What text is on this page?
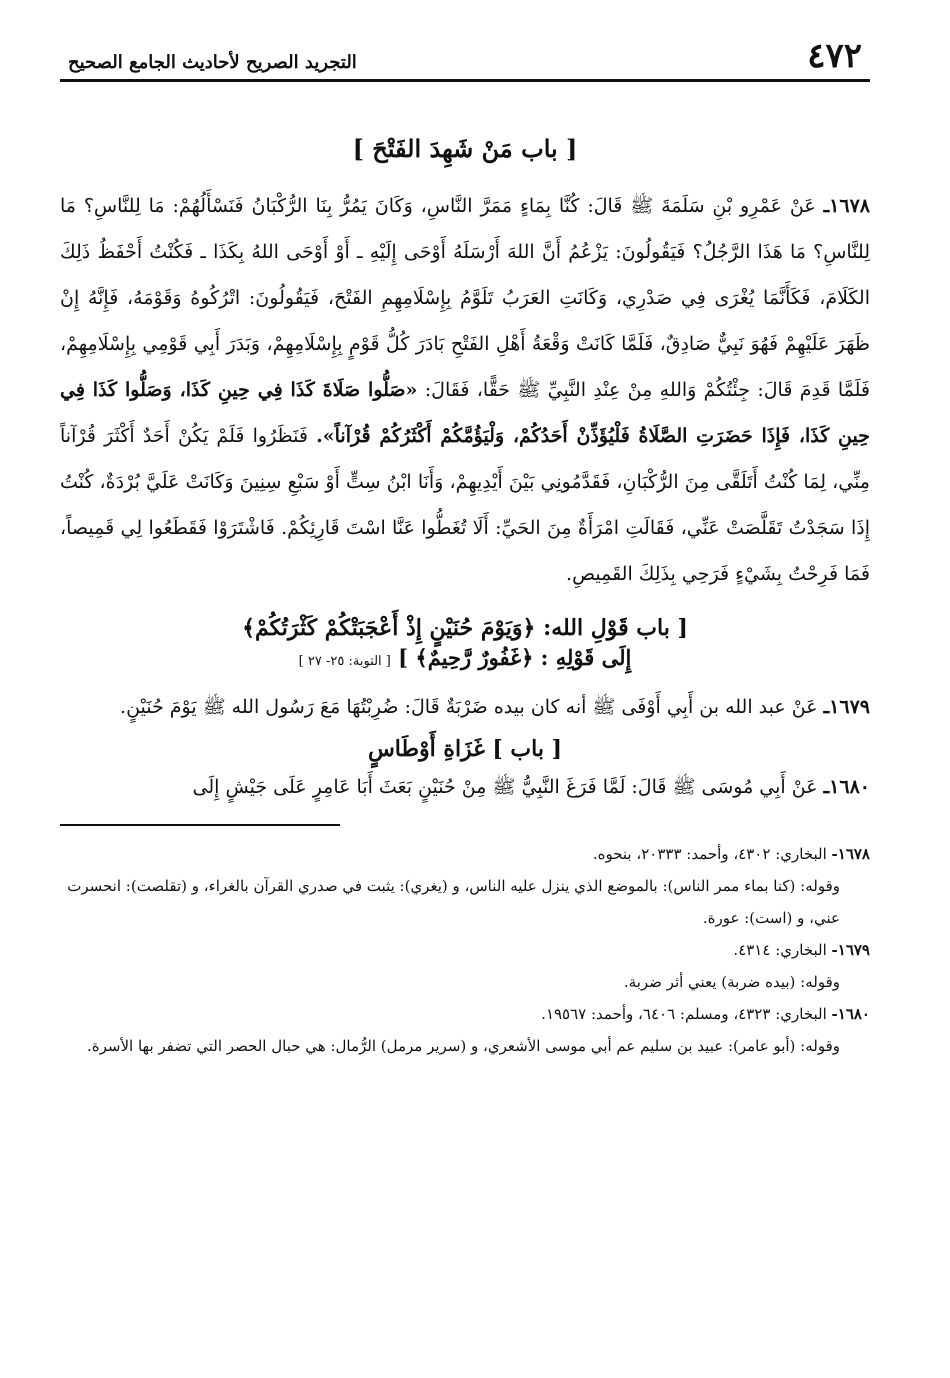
٤٧٢
التجريد الصريح لأحاديث الجامع الصحيح
[ باب مَنْ شَهِدَ الفَتْحَ ]

١٦٧٨ـ عَنْ عَمْرِو بْنِ سَلَمَةَ ﷺ قَالَ: كُنَّا بِمَاءٍ مَمَرَّ النَّاسِ، وَكَانَ يَمُرُّ بِنَا الرُّكْبَانُ فَنَسْأَلُهُمْ: مَا لِلنَّاسِ؟ مَا لِلنَّاسِ؟ مَا هَذَا الرَّجُلُ؟ فَيَقُولُونَ: يَزْعُمُ أَنَّ اللهَ أَرْسَلَهُ أَوْحَى إِلَيْهِ ـ أَوْ أَوْحَى اللهُ بِكَذَا ـ فَكُنْتُ أَحْفَظُ ذَلِكَ الكَلَامَ، فَكَأَنَّمَا يُغْرَى فِي صَدْرِي، وَكَانَتِ العَرَبُ تَلَوَّمُ بِإِسْلَامِهِمِ الفَتْحَ، فَيَقُولُونَ: اتْرُكُوهُ وَقَوْمَهُ، فَإِنَّهُ إِنْ ظَهَرَ عَلَيْهِمْ فَهُوَ نَبِيٌّ صَادِقٌ، فَلَمَّا كَانَتْ وَقْعَةُ أَهْلِ الفَتْحِ بَادَرَ كُلُّ قَوْمٍ بِإِسْلَامِهِمْ، وَبَدَرَ أَبِي قَوْمِي بِإِسْلَامِهِمْ، فَلَمَّا قَدِمَ قَالَ: جِئْتُكُمْ وَاللهِ مِنْ عِنْدِ النَّبِيِّ ﷺ حَقًّا، فَقَالَ: «صَلُّوا صَلَاةَ كَذَا فِي حِينِ كَذَا، وَصَلُّوا كَذَا فِي حِينِ كَذَا، فَإِذَا حَضَرَتِ الصَّلَاةُ فَلْيُؤَذِّنْ أَحَدُكُمْ، وَلْيَؤُمَّكُمْ أَكْثَرُكُمْ قُرْآناً». فَنَظَرُوا فَلَمْ يَكُنْ أَحَدٌ أَكْثَرَ قُرْآناً مِنِّي، لِمَا كُنْتُ أَتَلَقَّى مِنَ الرُّكْبَانِ، فَقَدَّمُونِي بَيْنَ أَيْدِيهِمْ، وَأَنَا ابْنُ سِتٍّ أَوْ سَبْعِ سِنِينَ وَكَانَتْ عَلَيَّ بُرْدَةٌ، كُنْتُ إِذَا سَجَدْتُ تَقَلَّصَتْ عَنِّي، فَقَالَتِ امْرَأَةٌ مِنَ الحَيِّ: أَلَا تُغَطُّوا عَنَّا اسْتَ قَارِئِكُمْ. فَاشْتَرَوْا فَقَطَعُوا لِي قَمِيصاً، فَمَا فَرِحْتُ بِشَيْءٍ فَرَحِي بِذَلِكَ القَمِيصِ.

[ باب قَوْلِ الله: ﴿وَيَوْمَ حُنَيْنٍ إِذْ أَعْجَبَتْكُمْ كَثْرَتُكُمْ﴾
إِلَى قَوْلِهِ : ﴿غَفُورٌ رَّحِيمٌ﴾ ] [ التوبة: ٢٥- ٢٧ ]

١٦٧٩ـ عَنْ عبد الله بن أَبِي أَوْفَى ﷺ أنه كان بيده ضَرْبَةٌ قَالَ: ضُرِبْتُهَا مَعَ رَسُول الله ﷺ يَوْمَ حُنَيْنٍ.

[ باب ] غَزَاةِ أَوْطَاسٍ

١٦٨٠ـ عَنْ أَبِي مُوسَى ﷺ قَالَ: لَمَّا فَرَغَ النَّبِيُّ ﷺ مِنْ حُنَيْنٍ بَعَثَ أَبَا عَامِرٍ عَلَى جَيْشٍ إِلَى

١٦٧٨- البخاري: ٤٣٠٢، وأحمد: ٢٠٣٣٣، بنحوه.
وقوله: (كنا بماء ممر الناس): بالموضع الذي ينزل عليه الناس، و (يغري): يثبت في صدري القرآن بالغراء، و (تقلصت): انحسرت عني، و (است): عورة.
١٦٧٩- البخاري: ٤٣١٤.
وقوله: (بيده ضربة) يعني أثر ضربة.
١٦٨٠- البخاري: ٤٣٢٣، ومسلم: ٦٤٠٦، وأحمد: ١٩٥٦٧.
وقوله: (أبو عامر): عبيد بن سليم عم أبي موسى الأشعري، و (سرير مرمل) الرُّمال: هي حبال الحصر التي تضفر بها الأسرة.
